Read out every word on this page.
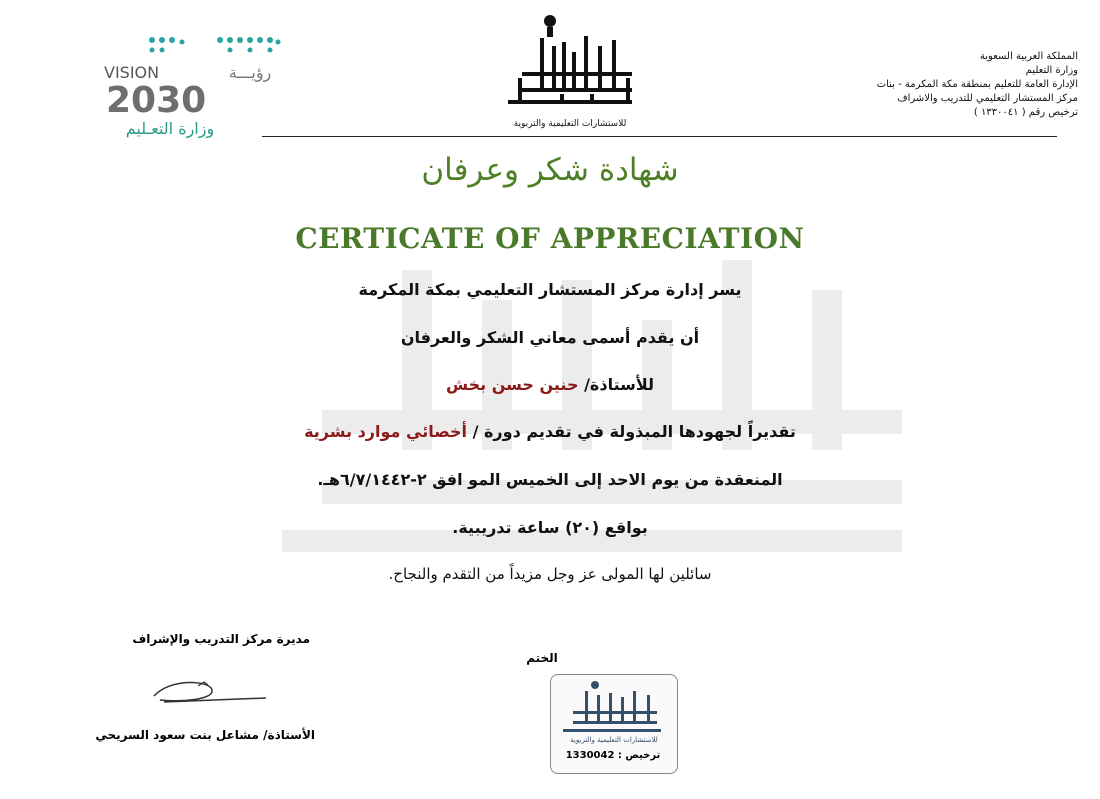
المملكة العربية السعوية
وزارة التعليم
الإدارة العامة للتعليم بمنطقة مكة المكرمة - بنات
مركز المستشار التعليمي للتدريب والاشراف
ترخيص رقم ( ١٣٣٠٠٤١ )
للاستشارات التعليمية والتربوية
VISION	رؤيـــة
2030
وزارة التعـليم
شهادة شكر وعرفان
CERTICATE OF APPRECIATION
يسر إدارة مركز المستشار التعليمي بمكة المكرمة
أن يقدم أسمى معاني الشكر والعرفان
للأستاذة/ حنين حسن بخش
تقديراً لجهودها المبذولة في تقديم دورة / أخصائي موارد بشرية
المنعقدة من يوم الاحد إلى الخميس المو افق ٢-٦/٧/١٤٤٢هـ.
بواقع (٢٠) ساعة تدريبية.
سائلين لها المولى عز وجل مزيداً من التقدم والنجاح.
مديرة مركز التدريب والإشراف
الأستاذة/ مشاعل بنت سعود السريحي
الختم
للاستشارات التعليمية والتربوية
ترخيص : 1330042
